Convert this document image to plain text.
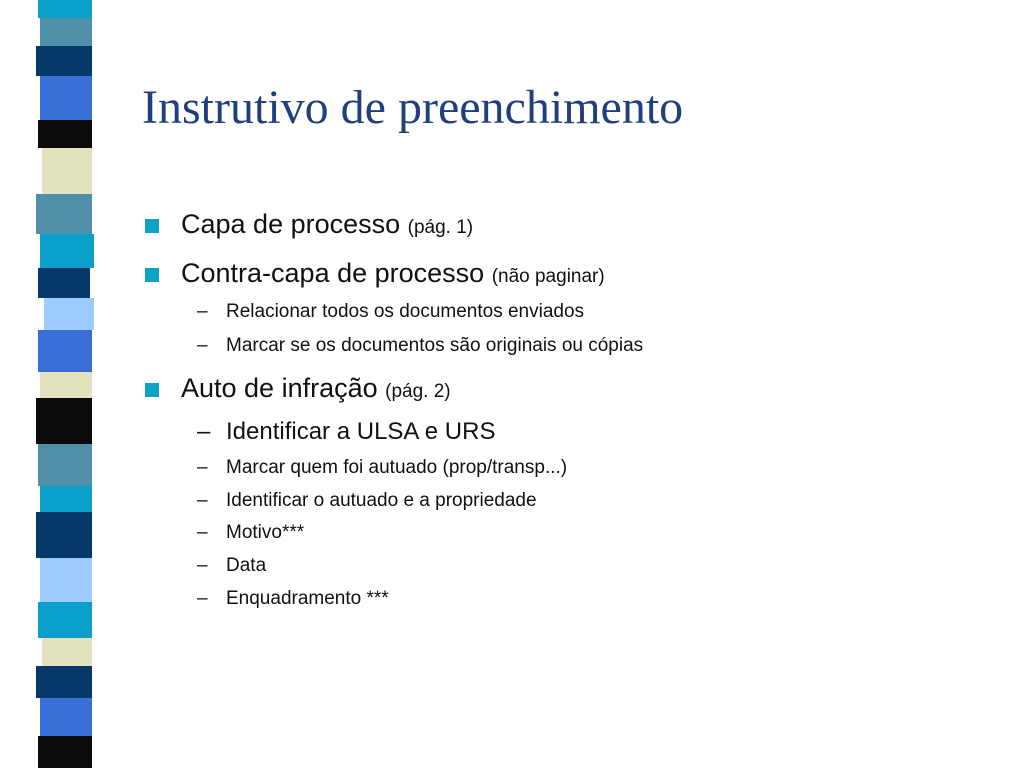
Instrutivo de preenchimento
Capa de processo (pág. 1)
Contra-capa de processo (não paginar)
– Relacionar todos os documentos enviados
– Marcar se os documentos são originais ou cópias
Auto de infração (pág. 2)
– Identificar a ULSA e URS
– Marcar quem foi autuado (prop/transp...)
– Identificar o autuado e a propriedade
– Motivo***
– Data
– Enquadramento ***
